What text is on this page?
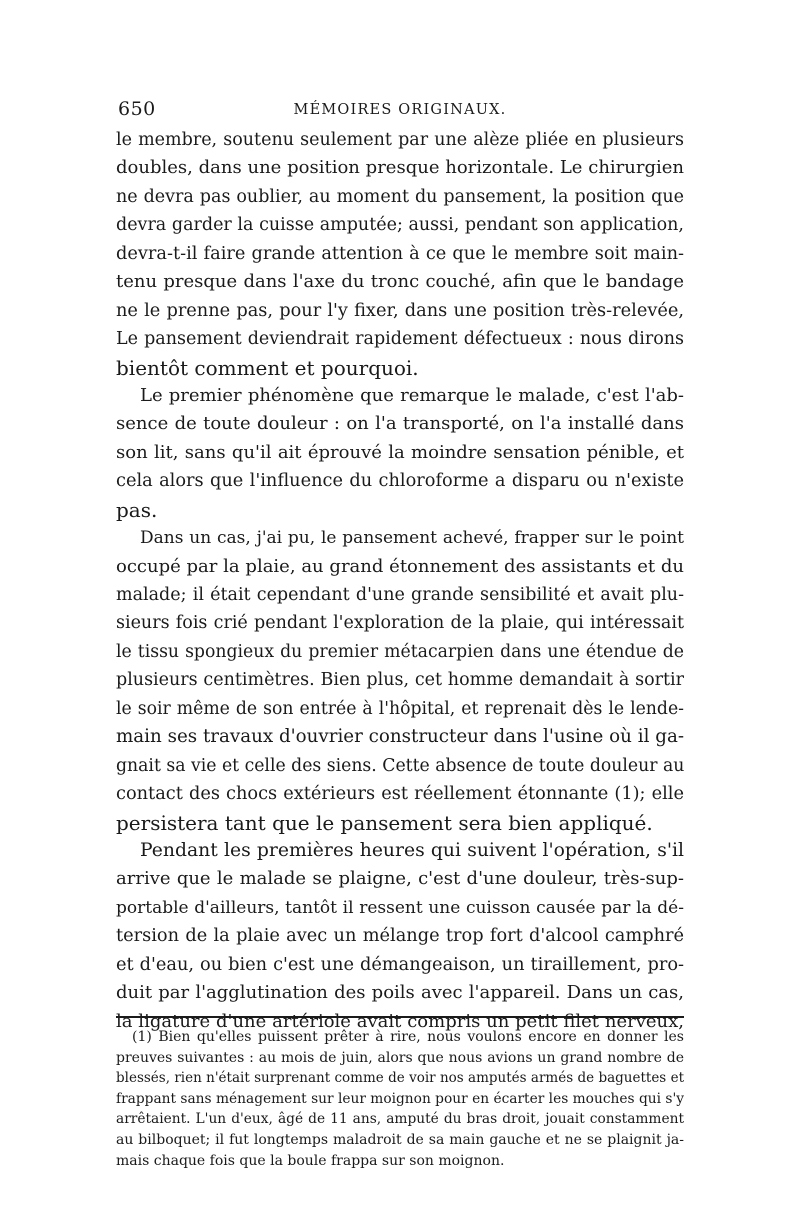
650	MÉMOIRES ORIGINAUX.
le membre, soutenu seulement par une alèze pliée en plusieurs
doubles, dans une position presque horizontale. Le chirurgien
ne devra pas oublier, au moment du pansement, la position que
devra garder la cuisse amputée; aussi, pendant son application,
devra-t-il faire grande attention à ce que le membre soit main-
tenu presque dans l'axe du tronc couché, afin que le bandage
ne le prenne pas, pour l'y fixer, dans une position très-relevée,
Le pansement deviendrait rapidement défectueux : nous dirons
bientôt comment et pourquoi.
Le premier phénomène que remarque le malade, c'est l'ab-
sence de toute douleur : on l'a transporté, on l'a installé dans
son lit, sans qu'il ait éprouvé la moindre sensation pénible, et
cela alors que l'influence du chloroforme a disparu ou n'existe
pas.
Dans un cas, j'ai pu, le pansement achevé, frapper sur le point
occupé par la plaie, au grand étonnement des assistants et du
malade; il était cependant d'une grande sensibilité et avait plu-
sieurs fois crié pendant l'exploration de la plaie, qui intéressait
le tissu spongieux du premier métacarpien dans une étendue de
plusieurs centimètres. Bien plus, cet homme demandait à sortir
le soir même de son entrée à l'hôpital, et reprenait dès le lende-
main ses travaux d'ouvrier constructeur dans l'usine où il ga-
gnait sa vie et celle des siens. Cette absence de toute douleur au
contact des chocs extérieurs est réellement étonnante (1); elle
persistera tant que le pansement sera bien appliqué.
Pendant les premières heures qui suivent l'opération, s'il
arrive que le malade se plaigne, c'est d'une douleur, très-sup-
portable d'ailleurs, tantôt il ressent une cuisson causée par la dé-
tersion de la plaie avec un mélange trop fort d'alcool camphré
et d'eau, ou bien c'est une démangeaison, un tiraillement, pro-
duit par l'agglutination des poils avec l'appareil. Dans un cas,
la ligature d'une artériole avait compris un petit filet nerveux,
(1) Bien qu'elles puissent prêter à rire, nous voulons encore en donner les
preuves suivantes : au mois de juin, alors que nous avions un grand nombre de
blessés, rien n'était surprenant comme de voir nos amputés armés de baguettes et
frappant sans ménagement sur leur moignon pour en écarter les mouches qui s'y
arrêtaient. L'un d'eux, âgé de 11 ans, amputé du bras droit, jouait constamment
au bilboquet; il fut longtemps maladroit de sa main gauche et ne se plaignit ja-
mais chaque fois que la boule frappa sur son moignon.
